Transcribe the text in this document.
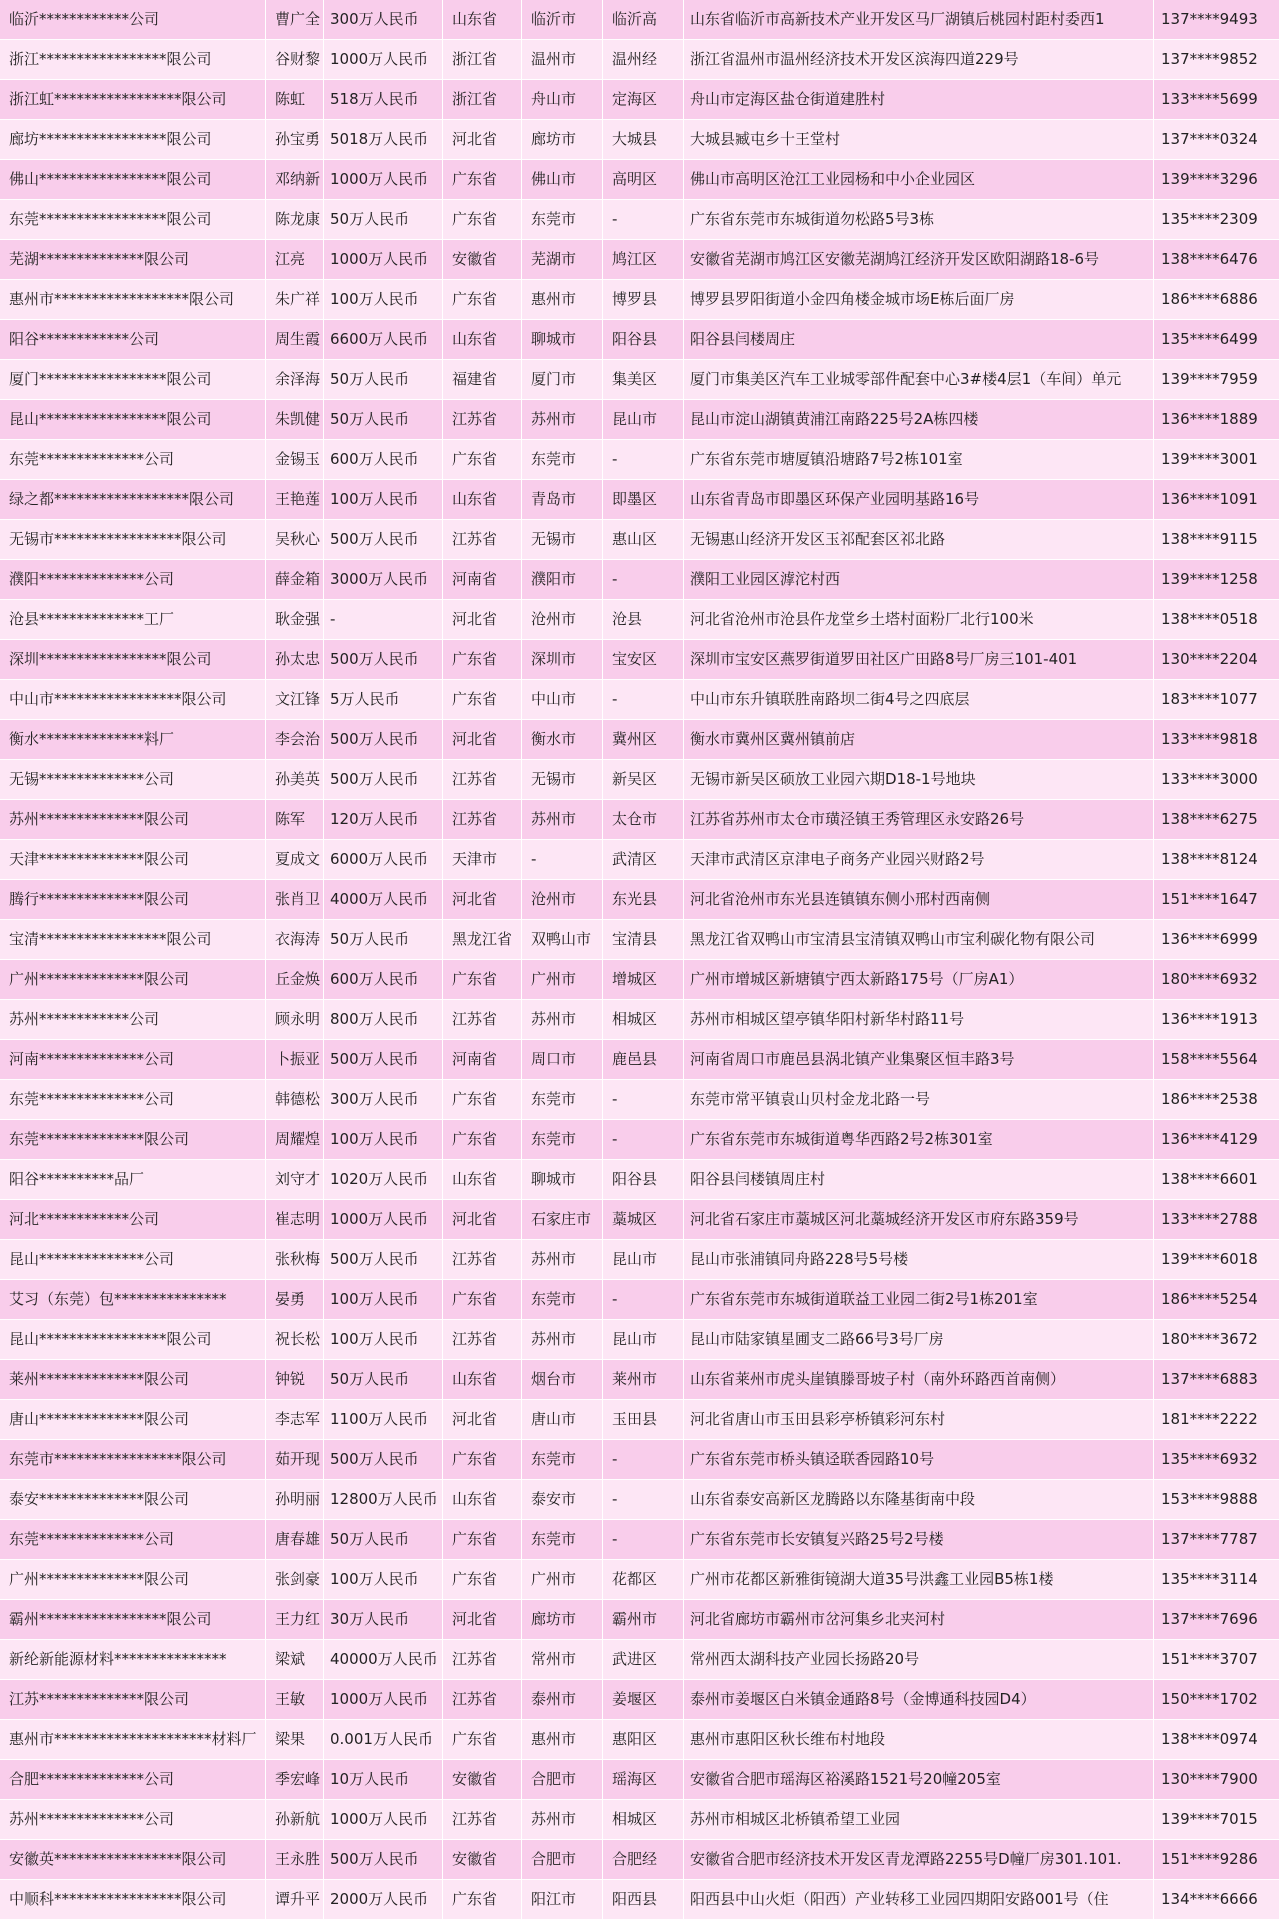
临沂************公司	曹广全	300万人民币	山东省	临沂市	临沂高	山东省临沂市高新技术产业开发区马厂湖镇后桃园村距村委西1	137****9493
浙江*****************限公司	谷财黎	1000万人民币	浙江省	温州市	温州经	浙江省温州市温州经济技术开发区滨海四道229号	137****9852
浙江虹*****************限公司	陈虹	518万人民币	浙江省	舟山市	定海区	舟山市定海区盐仓街道建胜村	133****5699
廊坊*****************限公司	孙宝勇	5018万人民币	河北省	廊坊市	大城县	大城县臧屯乡十王堂村	137****0324
佛山*****************限公司	邓纳新	1000万人民币	广东省	佛山市	高明区	佛山市高明区沧江工业园杨和中小企业园区	139****3296
东莞*****************限公司	陈龙康	50万人民币	广东省	东莞市	-	广东省东莞市东城街道勿松路5号3栋	135****2309
芜湖**************限公司	江亮	1000万人民币	安徽省	芜湖市	鸠江区	安徽省芜湖市鸠江区安徽芜湖鸠江经济开发区欧阳湖路18-6号	138****6476
惠州市******************限公司	朱广祥	100万人民币	广东省	惠州市	博罗县	博罗县罗阳街道小金四角楼金城市场E栋后面厂房	186****6886
阳谷************公司	周生霞	6600万人民币	山东省	聊城市	阳谷县	阳谷县闫楼周庄	135****6499
厦门*****************限公司	余泽海	50万人民币	福建省	厦门市	集美区	厦门市集美区汽车工业城零部件配套中心3#楼4层1（车间）单元	139****7959
昆山*****************限公司	朱凯健	50万人民币	江苏省	苏州市	昆山市	昆山市淀山湖镇黄浦江南路225号2A栋四楼	136****1889
东莞**************公司	金锡玉	600万人民币	广东省	东莞市	-	广东省东莞市塘厦镇沿塘路7号2栋101室	139****3001
绿之都******************限公司	王艳莲	100万人民币	山东省	青岛市	即墨区	山东省青岛市即墨区环保产业园明基路16号	136****1091
无锡市*****************限公司	吴秋心	500万人民币	江苏省	无锡市	惠山区	无锡惠山经济开发区玉祁配套区祁北路	138****9115
濮阳**************公司	薛金箱	3000万人民币	河南省	濮阳市	-	濮阳工业园区滹沱村西	139****1258
沧县**************工厂	耿金强	-	河北省	沧州市	沧县	河北省沧州市沧县仵龙堂乡土塔村面粉厂北行100米	138****0518
深圳*****************限公司	孙太忠	500万人民币	广东省	深圳市	宝安区	深圳市宝安区燕罗街道罗田社区广田路8号厂房三101-401	130****2204
中山市*****************限公司	文江锋	5万人民币	广东省	中山市	-	中山市东升镇联胜南路坝二街4号之四底层	183****1077
衡水**************料厂	李会治	500万人民币	河北省	衡水市	冀州区	衡水市冀州区冀州镇前店	133****9818
无锡**************公司	孙美英	500万人民币	江苏省	无锡市	新吴区	无锡市新吴区硕放工业园六期D18-1号地块	133****3000
苏州**************限公司	陈军	120万人民币	江苏省	苏州市	太仓市	江苏省苏州市太仓市璜泾镇王秀管理区永安路26号	138****6275
天津**************限公司	夏成文	6000万人民币	天津市	-	武清区	天津市武清区京津电子商务产业园兴财路2号	138****8124
腾行**************限公司	张肖卫	4000万人民币	河北省	沧州市	东光县	河北省沧州市东光县连镇镇东侧小邢村西南侧	151****1647
宝清*****************限公司	衣海涛	50万人民币	黑龙江省	双鸭山市	宝清县	黑龙江省双鸭山市宝清县宝清镇双鸭山市宝利碳化物有限公司	136****6999
广州**************限公司	丘金焕	600万人民币	广东省	广州市	增城区	广州市增城区新塘镇宁西太新路175号（厂房A1）	180****6932
苏州************公司	顾永明	800万人民币	江苏省	苏州市	相城区	苏州市相城区望亭镇华阳村新华村路11号	136****1913
河南**************公司	卜振亚	500万人民币	河南省	周口市	鹿邑县	河南省周口市鹿邑县涡北镇产业集聚区恒丰路3号	158****5564
东莞**************公司	韩德松	300万人民币	广东省	东莞市	-	东莞市常平镇袁山贝村金龙北路一号	186****2538
东莞**************限公司	周耀煌	100万人民币	广东省	东莞市	-	广东省东莞市东城街道粤华西路2号2栋301室	136****4129
阳谷**********品厂	刘守才	1020万人民币	山东省	聊城市	阳谷县	阳谷县闫楼镇周庄村	138****6601
河北************公司	崔志明	1000万人民币	河北省	石家庄市	藁城区	河北省石家庄市藁城区河北藁城经济开发区市府东路359号	133****2788
昆山**************公司	张秋梅	500万人民币	江苏省	苏州市	昆山市	昆山市张浦镇同舟路228号5号楼	139****6018
艾习（东莞）包***************	晏勇	100万人民币	广东省	东莞市	-	广东省东莞市东城街道联益工业园二街2号1栋201室	186****5254
昆山*****************限公司	祝长松	100万人民币	江苏省	苏州市	昆山市	昆山市陆家镇星圃支二路66号3号厂房	180****3672
莱州**************限公司	钟锐	50万人民币	山东省	烟台市	莱州市	山东省莱州市虎头崖镇滕哥坡子村（南外环路西首南侧）	137****6883
唐山**************限公司	李志军	1100万人民币	河北省	唐山市	玉田县	河北省唐山市玉田县彩亭桥镇彩河东村	181****2222
东莞市*****************限公司	茹开现	500万人民币	广东省	东莞市	-	广东省东莞市桥头镇迳联香园路10号	135****6932
泰安**************限公司	孙明丽	12800万人民币	山东省	泰安市	-	山东省泰安高新区龙腾路以东隆基街南中段	153****9888
东莞**************公司	唐春雄	50万人民币	广东省	东莞市	-	广东省东莞市长安镇复兴路25号2号楼	137****7787
广州**************限公司	张剑豪	100万人民币	广东省	广州市	花都区	广州市花都区新雅街镜湖大道35号洪鑫工业园B5栋1楼	135****3114
霸州*****************限公司	王力红	30万人民币	河北省	廊坊市	霸州市	河北省廊坊市霸州市岔河集乡北夹河村	137****7696
新纶新能源材料***************	梁斌	40000万人民币	江苏省	常州市	武进区	常州西太湖科技产业园长扬路20号	151****3707
江苏**************限公司	王敏	1000万人民币	江苏省	泰州市	姜堰区	泰州市姜堰区白米镇金通路8号（金博通科技园D4）	150****1702
惠州市*********************材料厂	梁果	0.001万人民币	广东省	惠州市	惠阳区	惠州市惠阳区秋长维布村地段	138****0974
合肥**************公司	季宏峰	10万人民币	安徽省	合肥市	瑶海区	安徽省合肥市瑶海区裕溪路1521号20幢205室	130****7900
苏州**************公司	孙新航	1000万人民币	江苏省	苏州市	相城区	苏州市相城区北桥镇希望工业园	139****7015
安徽英*****************限公司	王永胜	500万人民币	安徽省	合肥市	合肥经	安徽省合肥市经济技术开发区青龙潭路2255号D幢厂房301.101.	151****9286
中顺科*****************限公司	谭升平	2000万人民币	广东省	阳江市	阳西县	阳西县中山火炬（阳西）产业转移工业园四期阳安路001号（住	134****6666
